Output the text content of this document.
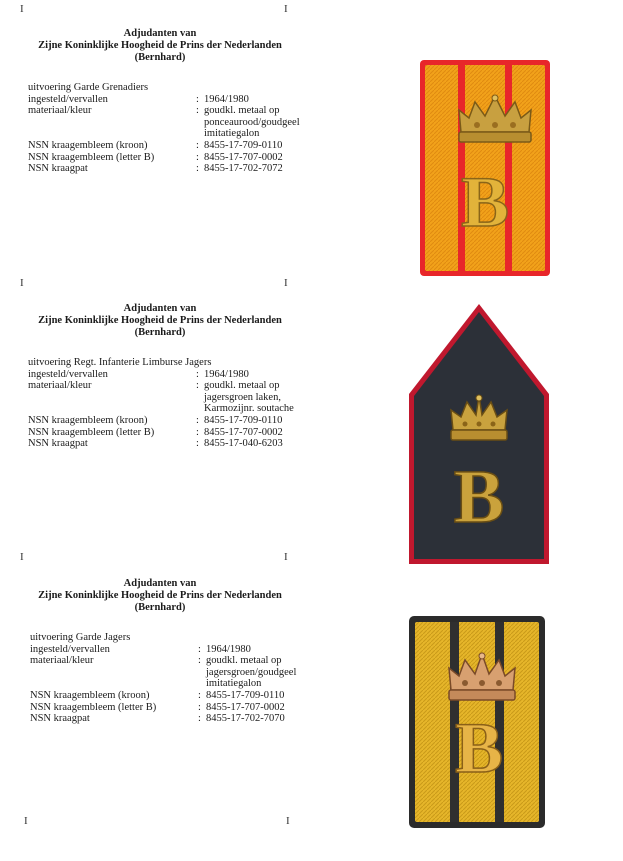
I	I
I	I
I	I
I	I
Adjudanten van
Zijne Koninklijke Hoogheid de Prins der Nederlanden
(Bernhard)
uitvoering Garde Grenadiers
ingesteld/vervallen	: 1964/1980
materiaal/kleur	: goudkl. metaal op
ponceaurood/goudgeel
imitatiegalon
NSN kraagembleem (kroon)	: 8455-17-709-0110
NSN kraagembleem (letter B)	: 8455-17-707-0002
NSN kraagpat	: 8455-17-702-7072 B
Adjudanten van
Zijne Koninklijke Hoogheid de Prins der Nederlanden
(Bernhard)
uitvoering Regt. Infanterie Limburse Jagers
ingesteld/vervallen	: 1964/1980
materiaal/kleur	: goudkl. metaal op
jagersgroen laken,
Karmozijnr. soutache
NSN kraagembleem (kroon)	: 8455-17-709-0110
NSN kraagembleem (letter B)	: 8455-17-707-0002
NSN kraagpat	: 8455-17-040-6203
B
Adjudanten van
Zijne Koninklijke Hoogheid de Prins der Nederlanden
(Bernhard)
uitvoering Garde Jagers
ingesteld/vervallen	: 1964/1980
materiaal/kleur	: goudkl. metaal op
jagersgroen/goudgeel
imitatiegalon
NSN kraagembleem (kroon)	: 8455-17-709-0110
NSN kraagembleem (letter B)	: 8455-17-707-0002
NSN kraagpat	: 8455-17-702-7070 B
